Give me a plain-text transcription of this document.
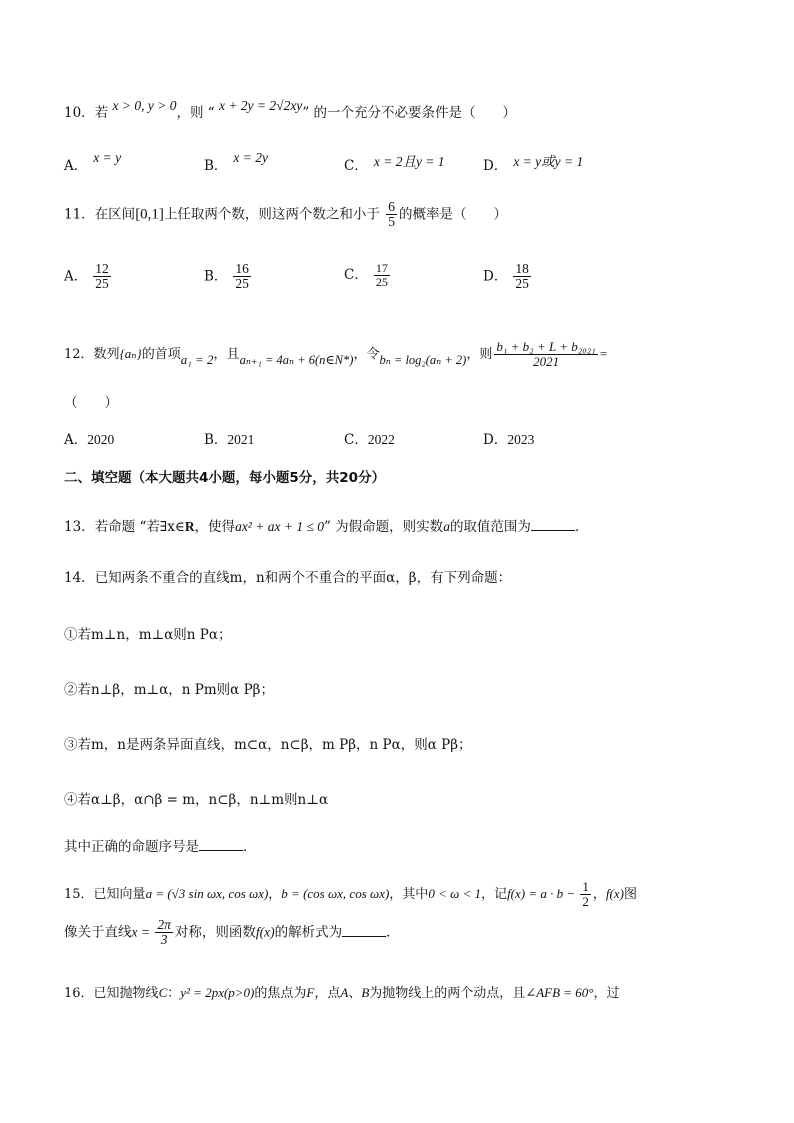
10．若 x > 0, y > 0，则 “ x + 2y = 2√2xy” 的一个充分不必要条件是（　　）
A．x = y
B．x = 2y
C． x = 2且y = 1	D． x = y或y = 1
11．在区间[0,1]上任取两个数，则这两个数之和小于 $\frac{6}{5}$ 的概率是（　　）
A． $\frac{12}{25}$	B． $\frac{16}{25}$	C． $\frac{17}{25}$	D． $\frac{18}{25}$
12．数列{aₙ}的首项a₁ = 2，且aₙ₊₁ = 4aₙ + 6(n∈N*)，令bₙ = log₂(aₙ + 2)，则 $\frac{\text{b₁ + b₂ + L + b₂₀₂₁}}{2021}$ =
（　　）
A．2020	B．2021	C．2022	D．2023
二、填空题（本大题共4小题，每小题5分，共20分）
13．若命题 “若∃x∈R，使得ax² + ax + 1 ≤ 0” 为假命题，则实数a的取值范围为	．
14．已知两条不重合的直线m，n和两个不重合的平面α，β，有下列命题：
①若m⊥n，m⊥α则n Pα；
②若n⊥β，m⊥α，n Pm则α Pβ；
③若m，n是两条异面直线，m⊂α，n⊂β，m Pβ，n Pα，则α Pβ；
④若α⊥β，α∩β = m，n⊂β，n⊥m则n⊥α
其中正确的命题序号是	．
15．已知向量a = (√3 sin ωx, cos ωx)，b = (cos ωx, cos ωx)，其中0 < ω < 1，记$f(x) = a \cdot b - \frac{1}{2}$ ，f(x)图
像关于直线$x = \frac{2\pi}{3}$ 对称，则函数f(x)的解析式为	．
16．已知抛物线C：y² = 2px(p>0)的焦点为F，点A、B为抛物线上的两个动点，且∠AFB = 60°，过
